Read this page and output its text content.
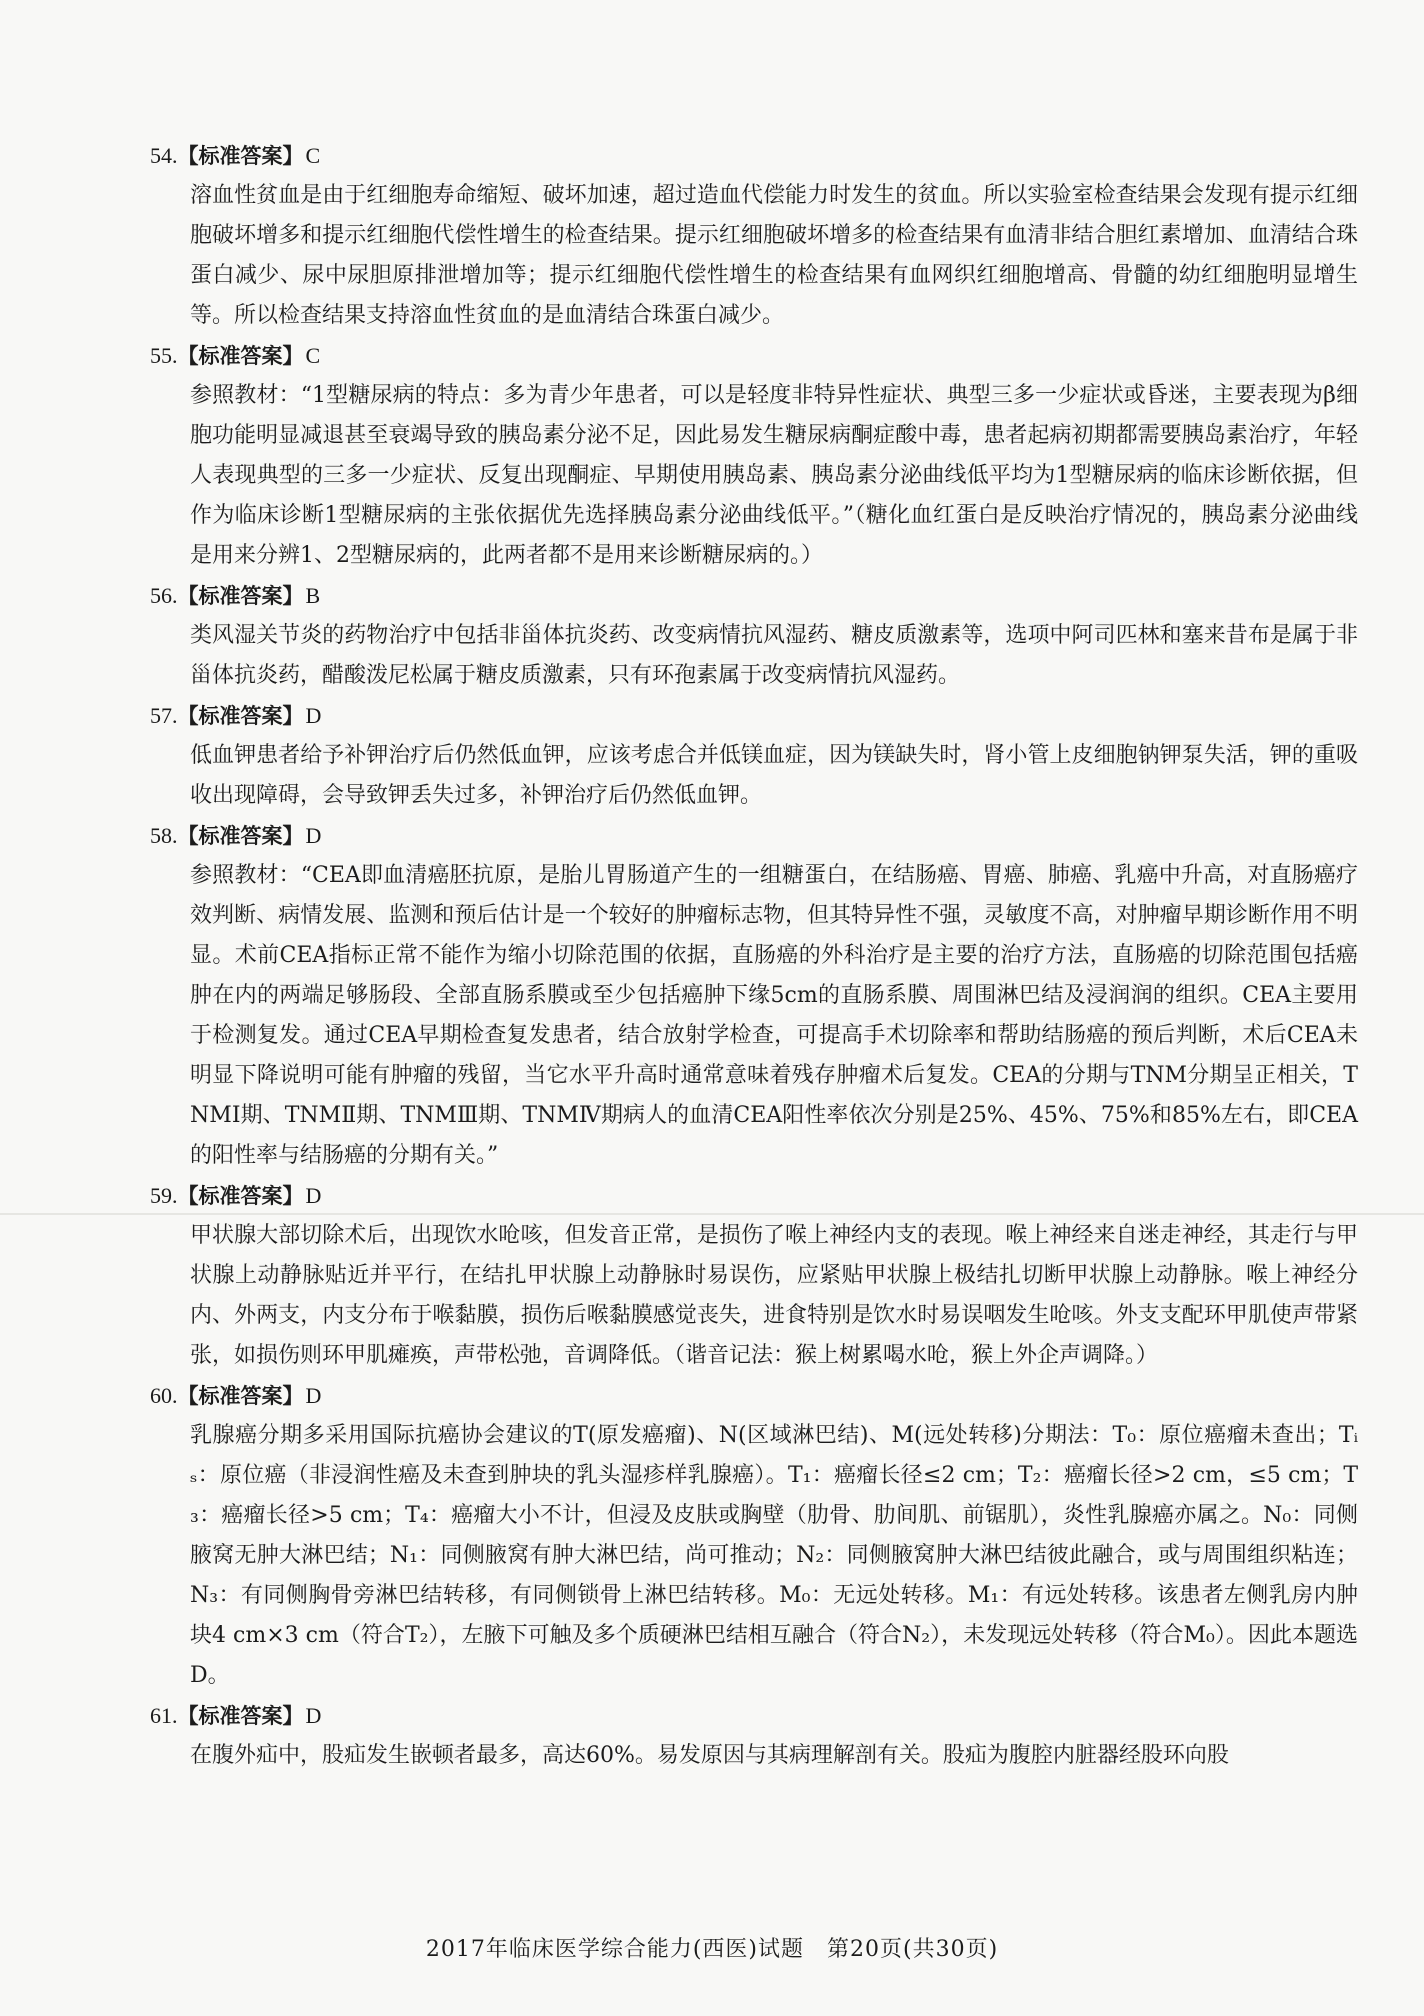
54.【标准答案】C
溶血性贫血是由于红细胞寿命缩短、破坏加速，超过造血代偿能力时发生的贫血。所以实验室检查结果会发现有提示红细胞破坏增多和提示红细胞代偿性增生的检查结果。提示红细胞破坏增多的检查结果有血清非结合胆红素增加、血清结合珠蛋白减少、尿中尿胆原排泄增加等；提示红细胞代偿性增生的检查结果有血网织红细胞增高、骨髓的幼红细胞明显增生等。所以检查结果支持溶血性贫血的是血清结合珠蛋白减少。
55.【标准答案】C
参照教材：“1型糖尿病的特点：多为青少年患者，可以是轻度非特异性症状、典型三多一少症状或昏迷，主要表现为β细胞功能明显减退甚至衰竭导致的胰岛素分泌不足，因此易发生糖尿病酮症酸中毒，患者起病初期都需要胰岛素治疗，年轻人表现典型的三多一少症状、反复出现酮症、早期使用胰岛素、胰岛素分泌曲线低平均为1型糖尿病的临床诊断依据，但作为临床诊断1型糖尿病的主张依据优先选择胰岛素分泌曲线低平。”（糖化血红蛋白是反映治疗情况的，胰岛素分泌曲线是用来分辨1、2型糖尿病的，此两者都不是用来诊断糖尿病的。）
56.【标准答案】B
类风湿关节炎的药物治疗中包括非甾体抗炎药、改变病情抗风湿药、糖皮质激素等，选项中阿司匹林和塞来昔布是属于非甾体抗炎药，醋酸泼尼松属于糖皮质激素，只有环孢素属于改变病情抗风湿药。
57.【标准答案】D
低血钾患者给予补钾治疗后仍然低血钾，应该考虑合并低镁血症，因为镁缺失时，肾小管上皮细胞钠钾泵失活，钾的重吸收出现障碍，会导致钾丢失过多，补钾治疗后仍然低血钾。
58.【标准答案】D
参照教材：“CEA即血清癌胚抗原，是胎儿胃肠道产生的一组糖蛋白，在结肠癌、胃癌、肺癌、乳癌中升高，对直肠癌疗效判断、病情发展、监测和预后估计是一个较好的肿瘤标志物，但其特异性不强，灵敏度不高，对肿瘤早期诊断作用不明显。术前CEA指标正常不能作为缩小切除范围的依据，直肠癌的外科治疗是主要的治疗方法，直肠癌的切除范围包括癌肿在内的两端足够肠段、全部直肠系膜或至少包括癌肿下缘5cm的直肠系膜、周围淋巴结及浸润润的组织。CEA主要用于检测复发。通过CEA早期检查复发患者，结合放射学检查，可提高手术切除率和帮助结肠癌的预后判断，术后CEA未明显下降说明可能有肿瘤的残留，当它水平升高时通常意味着残存肿瘤术后复发。CEA的分期与TNM分期呈正相关，TNMⅠ期、TNMⅡ期、TNMⅢ期、TNMⅣ期病人的血清CEA阳性率依次分别是25%、45%、75%和85%左右，即CEA的阳性率与结肠癌的分期有关。”
59.【标准答案】D
甲状腺大部切除术后，出现饮水呛咳，但发音正常，是损伤了喉上神经内支的表现。喉上神经来自迷走神经，其走行与甲状腺上动静脉贴近并平行，在结扎甲状腺上动静脉时易误伤，应紧贴甲状腺上极结扎切断甲状腺上动静脉。喉上神经分内、外两支，内支分布于喉黏膜，损伤后喉黏膜感觉丧失，进食特别是饮水时易误咽发生呛咳。外支支配环甲肌使声带紧张，如损伤则环甲肌瘫痪，声带松弛，音调降低。（谐音记法：猴上树累喝水呛，猴上外企声调降。）
60.【标准答案】D
乳腺癌分期多采用国际抗癌协会建议的T(原发癌瘤)、N(区域淋巴结)、M(远处转移)分期法：T₀：原位癌瘤未查出；Tᵢₛ：原位癌（非浸润性癌及未查到肿块的乳头湿疹样乳腺癌）。T₁：癌瘤长径≤2 cm；T₂：癌瘤长径>2 cm，≤5 cm；T₃：癌瘤长径>5 cm；T₄：癌瘤大小不计，但浸及皮肤或胸壁（肋骨、肋间肌、前锯肌），炎性乳腺癌亦属之。N₀：同侧腋窝无肿大淋巴结；N₁：同侧腋窝有肿大淋巴结，尚可推动；N₂：同侧腋窝肿大淋巴结彼此融合，或与周围组织粘连；N₃：有同侧胸骨旁淋巴结转移，有同侧锁骨上淋巴结转移。M₀：无远处转移。M₁：有远处转移。该患者左侧乳房内肿块4 cm×3 cm（符合T₂），左腋下可触及多个质硬淋巴结相互融合（符合N₂），未发现远处转移（符合M₀）。因此本题选D。
61.【标准答案】D
在腹外疝中，股疝发生嵌顿者最多，高达60%。易发原因与其病理解剖有关。股疝为腹腔内脏器经股环向股
2017年临床医学综合能力(西医)试题　第20页(共30页)
